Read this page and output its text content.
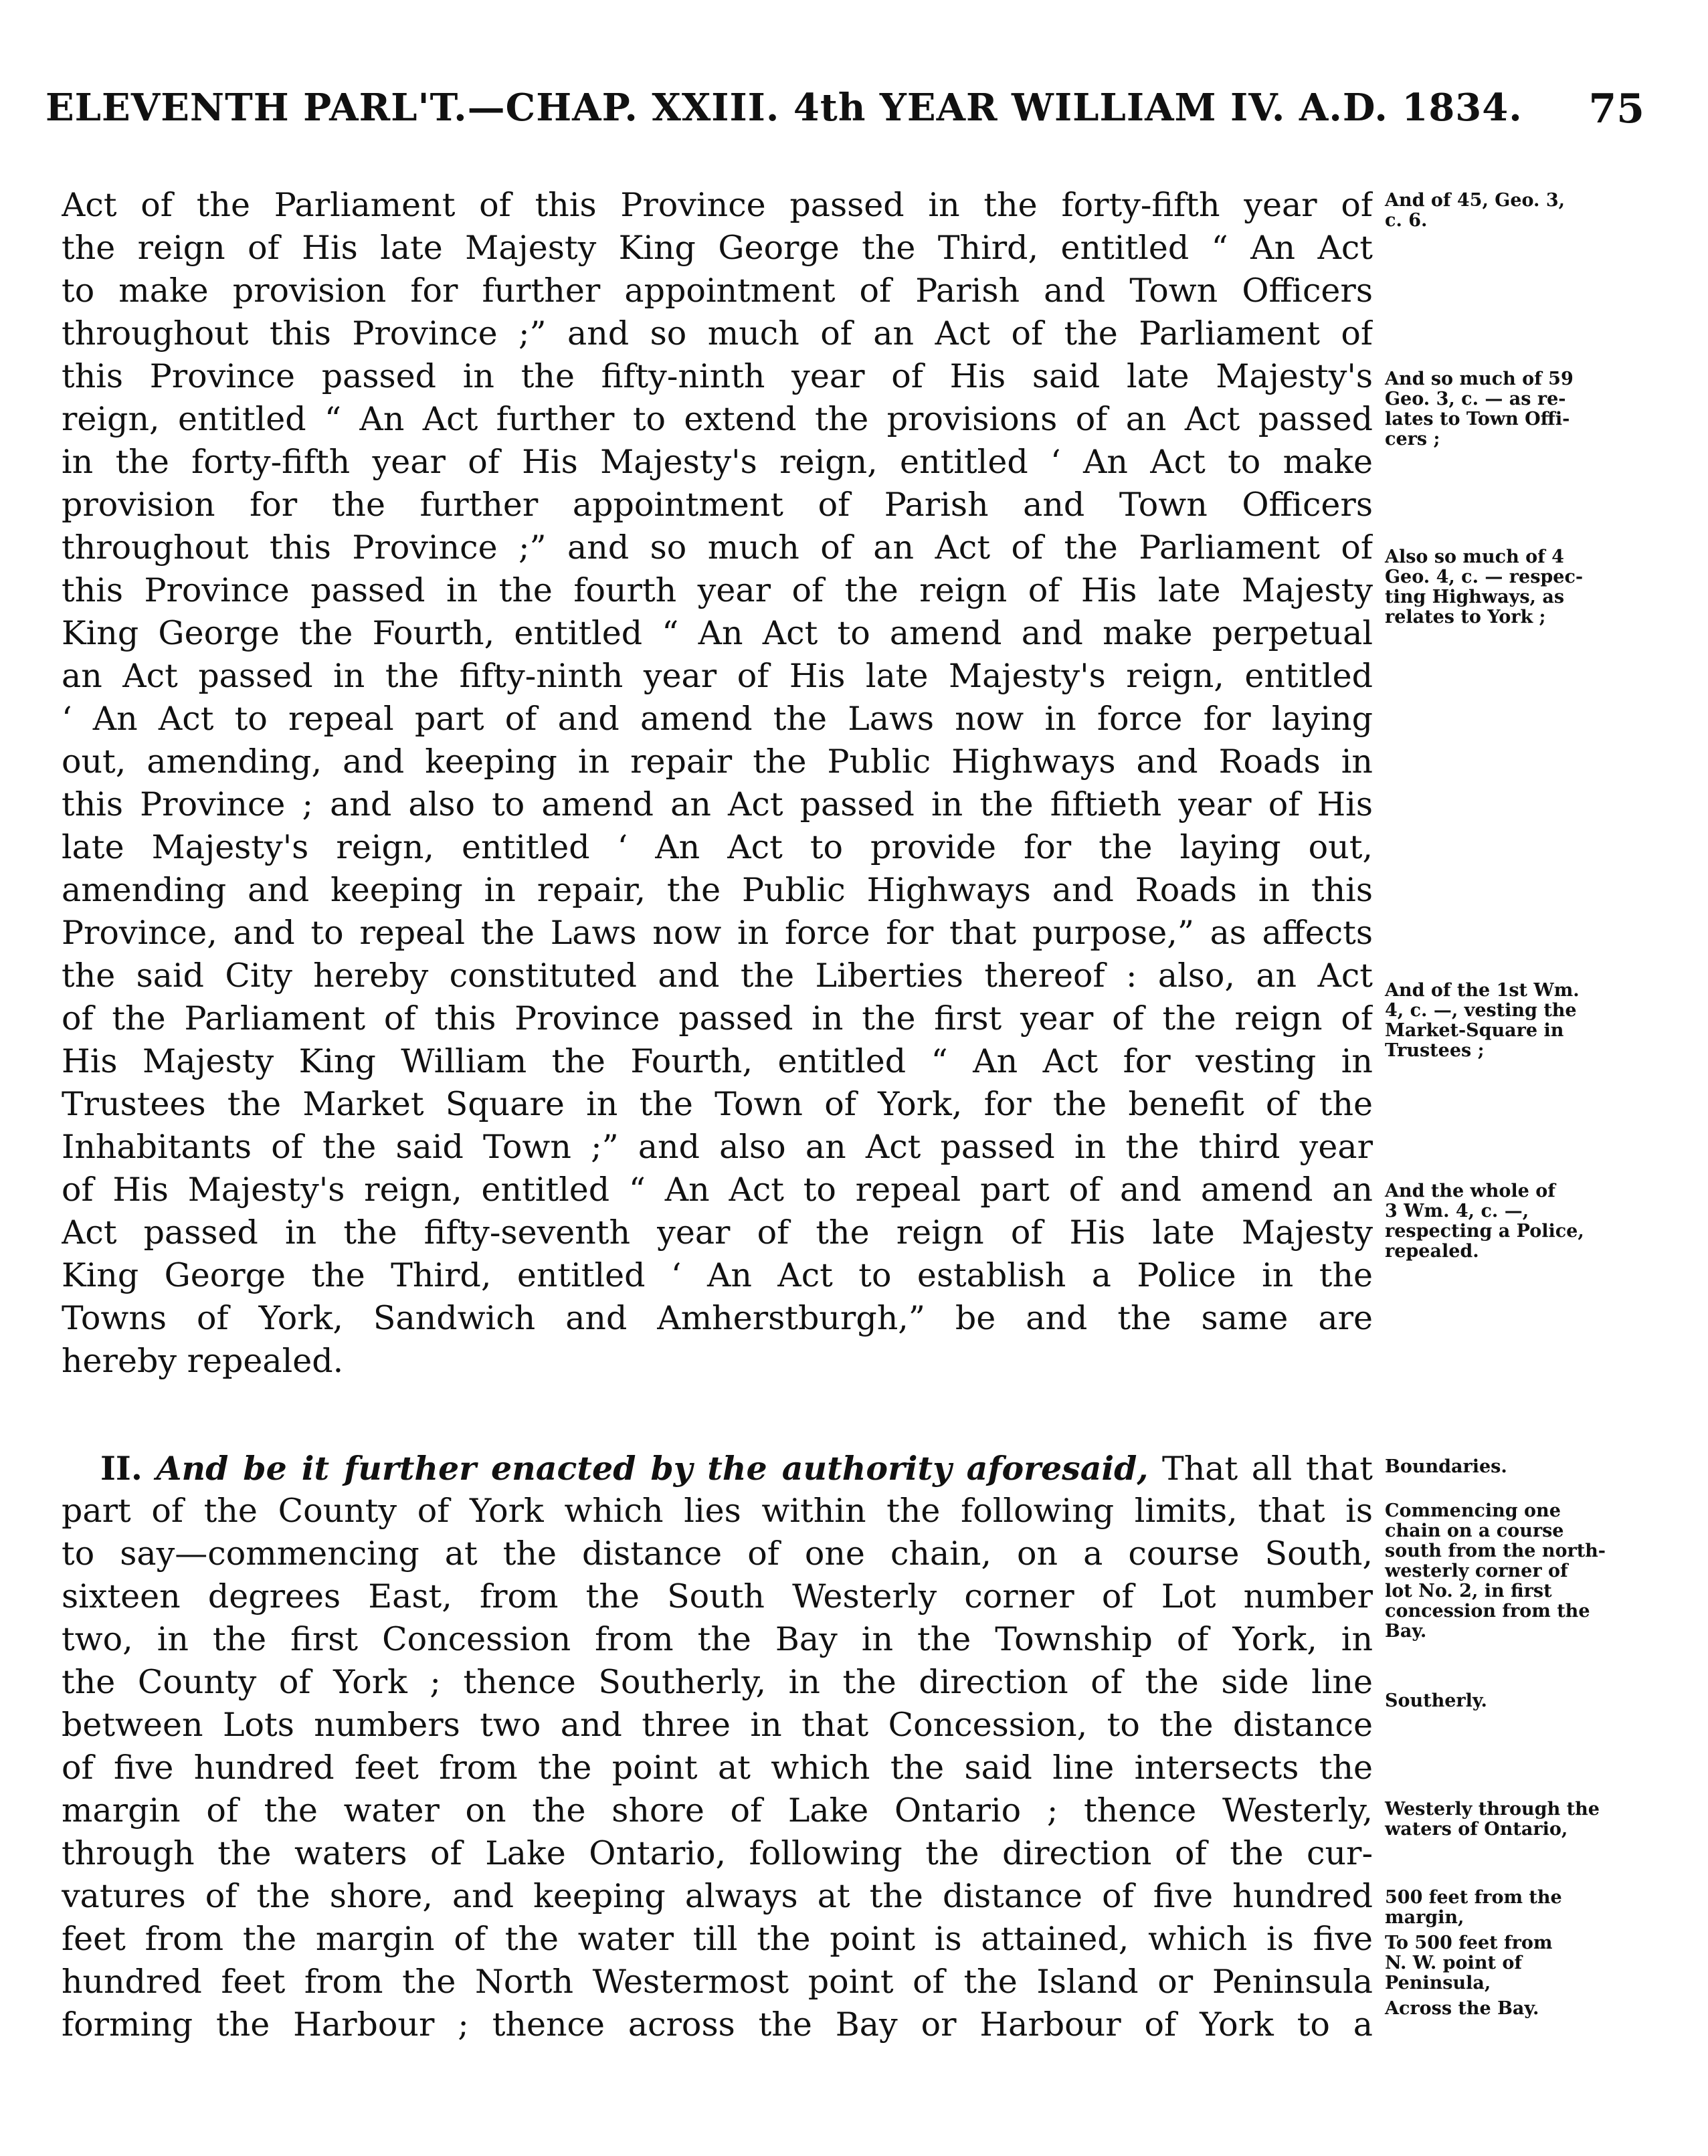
ELEVENTH PARL'T.—CHAP. XXIII. 4th YEAR WILLIAM IV. A.D. 1834. 75
Act of the Parliament of this Province passed in the forty-fifth year of
the reign of His late Majesty King George the Third, entitled “ An Act
to make provision for further appointment of Parish and Town Officers
throughout this Province ;” and so much of an Act of the Parliament of
this Province passed in the fifty-ninth year of His said late Majesty's
reign, entitled “ An Act further to extend the provisions of an Act passed
in the forty-fifth year of His Majesty's reign, entitled ‘ An Act to make
provision for the further appointment of Parish and Town Officers
throughout this Province ;” and so much of an Act of the Parliament of
this Province passed in the fourth year of the reign of His late Majesty
King George the Fourth, entitled “ An Act to amend and make perpetual
an Act passed in the fifty-ninth year of His late Majesty's reign, entitled
‘ An Act to repeal part of and amend the Laws now in force for laying
out, amending, and keeping in repair the Public Highways and Roads in
this Province ; and also to amend an Act passed in the fiftieth year of His
late Majesty's reign, entitled ‘ An Act to provide for the laying out,
amending and keeping in repair, the Public Highways and Roads in this
Province, and to repeal the Laws now in force for that purpose,” as affects
the said City hereby constituted and the Liberties thereof : also, an Act
of the Parliament of this Province passed in the first year of the reign of
His Majesty King William the Fourth, entitled “ An Act for vesting in
Trustees the Market Square in the Town of York, for the benefit of the
Inhabitants of the said Town ;” and also an Act passed in the third year
of His Majesty's reign, entitled “ An Act to repeal part of and amend an
Act passed in the fifty-seventh year of the reign of His late Majesty
King George the Third, entitled ‘ An Act to establish a Police in the
Towns of York, Sandwich and Amherstburgh,” be and the same are
hereby repealed.
II. And be it further enacted by the authority aforesaid, That all that
part of the County of York which lies within the following limits, that is
to say—commencing at the distance of one chain, on a course South,
sixteen degrees East, from the South Westerly corner of Lot number
two, in the first Concession from the Bay in the Township of York, in
the County of York ; thence Southerly, in the direction of the side line
between Lots numbers two and three in that Concession, to the distance
of five hundred feet from the point at which the said line intersects the
margin of the water on the shore of Lake Ontario ; thence Westerly,
through the waters of Lake Ontario, following the direction of the cur-
vatures of the shore, and keeping always at the distance of five hundred
feet from the margin of the water till the point is attained, which is five
hundred feet from the North Westermost point of the Island or Peninsula
forming the Harbour ; thence across the Bay or Harbour of York to a
And of 45, Geo. 3,
c. 6.
And so much of 59
Geo. 3, c. — as re-
lates to Town Offi-
cers ;
Also so much of 4
Geo. 4, c. — respec-
ting Highways, as
relates to York ;
And of the 1st Wm.
4, c. —, vesting the
Market-Square in
Trustees ;
And the whole of
3 Wm. 4, c. —,
respecting a Police,
repealed.
Boundaries.
Commencing one
chain on a course
south from the north-
westerly corner of
lot No. 2, in first
concession from the
Bay.
Southerly.
Westerly through the
waters of Ontario,
500 feet from the
margin,
To 500 feet from
N. W. point of
Peninsula,
Across the Bay.
